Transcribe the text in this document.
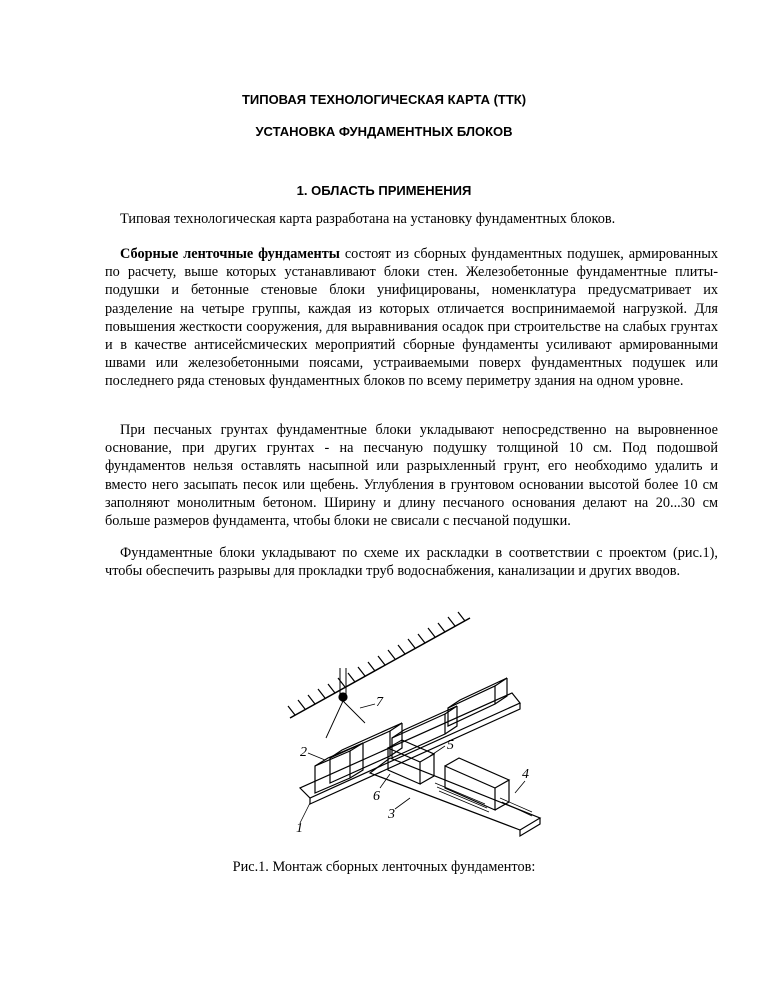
ТИПОВАЯ ТЕХНОЛОГИЧЕСКАЯ КАРТА (ТТК)
УСТАНОВКА ФУНДАМЕНТНЫХ БЛОКОВ
1. ОБЛАСТЬ ПРИМЕНЕНИЯ

Типовая технологическая карта разработана на установку фундаментных блоков.

Сборные ленточные фундаменты состоят из сборных фундаментных подушек, армированных по расчету, выше которых устанавливают блоки стен. Железобетонные фундаментные плиты-подушки и бетонные стеновые блоки унифицированы, номенклатура предусматривает их разделение на четыре группы, каждая из которых отличается воспринимаемой нагрузкой. Для повышения жесткости сооружения, для выравнивания осадок при строительстве на слабых грунтах и в качестве антисейсмических мероприятий сборные фундаменты усиливают армированными швами или железобетонными поясами, устраиваемыми поверх фундаментных подушек или последнего ряда стеновых фундаментных блоков по всему периметру здания на одном уровне.

При песчаных грунтах фундаментные блоки укладывают непосредственно на выровненное основание, при других грунтах - на песчаную подушку толщиной 10 см. Под подошвой фундаментов нельзя оставлять насыпной или разрыхленный грунт, его необходимо удалить и вместо него засыпать песок или щебень. Углубления в грунтовом основании высотой более 10 см заполняют монолитным бетоном. Ширину и длину песчаного основания делают на 20...30 см больше размеров фундамента, чтобы блоки не свисали с песчаной подушки.

Фундаментные блоки укладывают по схеме их раскладки в соответствии с проектом (рис.1), чтобы обеспечить разрывы для прокладки труб водоснабжения, канализации и других вводов.

1
2
3
4
5
6
7
Рис.1. Монтаж сборных ленточных фундаментов:
